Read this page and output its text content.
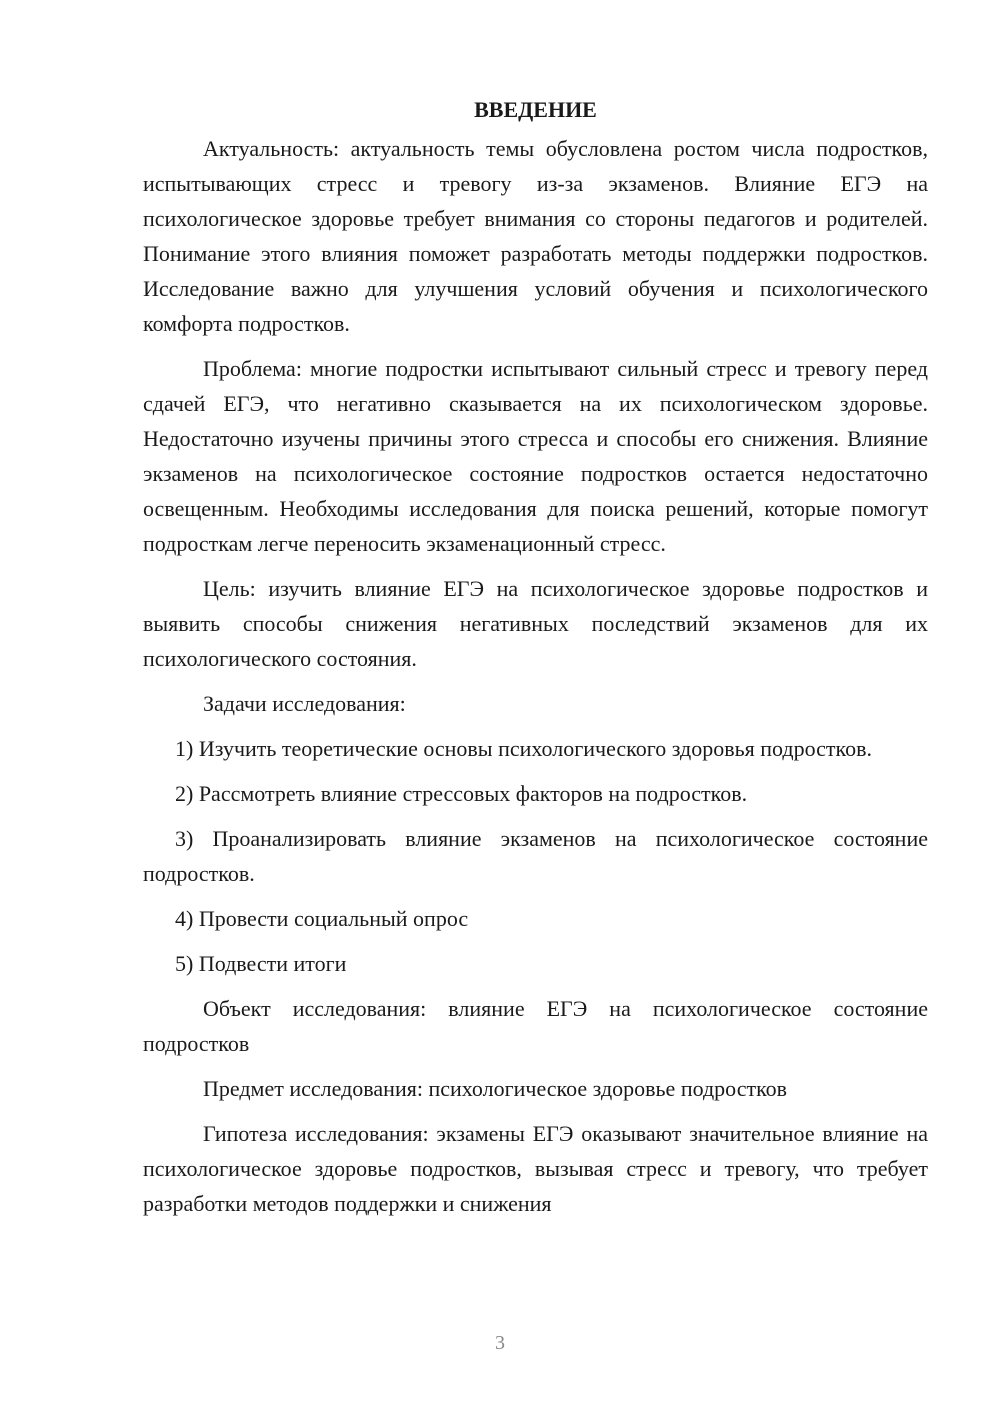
ВВЕДЕНИЕ

Актуальность: актуальность темы обусловлена ростом числа подростков, испытывающих стресс и тревогу из-за экзаменов. Влияние ЕГЭ на психологическое здоровье требует внимания со стороны педагогов и родителей. Понимание этого влияния поможет разработать методы поддержки подростков. Исследование важно для улучшения условий обучения и психологического комфорта подростков.

Проблема: многие подростки испытывают сильный стресс и тревогу перед сдачей ЕГЭ, что негативно сказывается на их психологическом здоровье. Недостаточно изучены причины этого стресса и способы его снижения. Влияние экзаменов на психологическое состояние подростков остается недостаточно освещенным. Необходимы исследования для поиска решений, которые помогут подросткам легче переносить экзаменационный стресс.

Цель: изучить влияние ЕГЭ на психологическое здоровье подростков и выявить способы снижения негативных последствий экзаменов для их психологического состояния.

Задачи исследования:

1) Изучить теоретические основы психологического здоровья подростков.

2) Рассмотреть влияние стрессовых факторов на подростков.

3) Проанализировать влияние экзаменов на психологическое состояние подростков.

4) Провести социальный опрос

5) Подвести итоги

Объект исследования: влияние ЕГЭ на психологическое состояние подростков

Предмет исследования: психологическое здоровье подростков

Гипотеза исследования: экзамены ЕГЭ оказывают значительное влияние на психологическое здоровье подростков, вызывая стресс и тревогу, что требует разработки методов поддержки и снижения

3
